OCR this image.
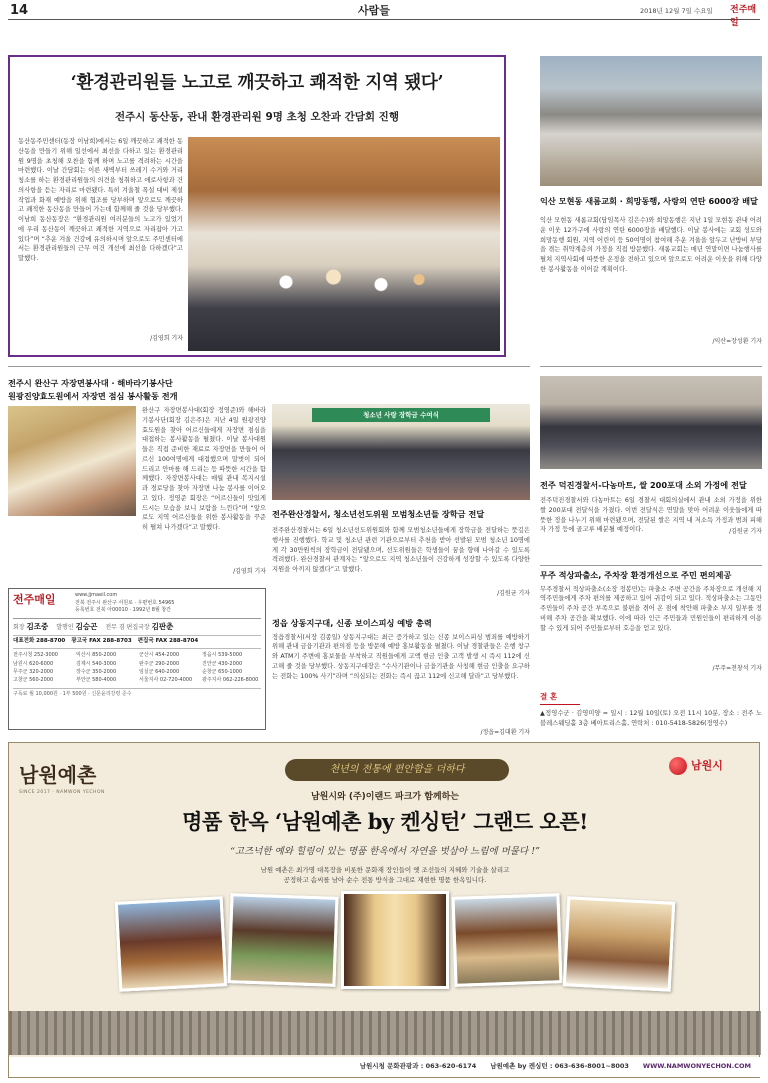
14	사람들	2018년 12월 7일 수요일 전주매일
‘환경관리원들 노고로 깨끗하고 쾌적한 지역 됐다’
전주시 동산동, 관내 환경관리원 9명 초청 오찬과 간담회 진행
동산동주민센터(동장 이남희)에서는 6일 깨끗하고 쾌적한 동산동을 만들기 위해 일선에서 최선을 다하고 있는 환경관리원 9명을 초청해 오찬을 함께 하며 노고를 격려하는 시간을 마련했다. 이날 간담회는 이른 새벽부터 쓰레기 수거와 거리 청소를 하는 환경관리원들의 의견을 청취하고 애로사항과 건의사항을 듣는 자리로 마련됐다. 특히 겨울철 폭설 대비 제설작업과 화재 예방을 위해 협조를 당부하며 앞으로도 깨끗하고 쾌적한 동산동을 만들어 가는데 함께해 줄 것을 당부했다. 이남희 동산동장은 “환경관리원 여러분들의 노고가 있었기에 우리 동산동이 깨끗하고 쾌적한 지역으로 자리잡아 가고 있다”며 “추운 겨울 건강에 유의하시며 앞으로도 주민센터에서는 환경관리원들의 근무 여건 개선에 최선을 다하겠다”고 말했다.
/김영희 기자
익산 모현동 새롬교회 · 희망동행, 사랑의 연탄 6000장 배달
익산 모현동 새롬교회(담임목사 김은수)와 희망동행은 지난 1일 모현동 관내 어려운 이웃 12가구에 사랑의 연탄 6000장을 배달했다. 이날 봉사에는 교회 성도와 희망동행 회원, 지역 어린이 등 50여명이 참여해 추운 겨울을 앞두고 난방비 부담을 겪는 취약계층의 가정을 직접 방문했다. 새롬교회는 매년 연말이면 나눔행사를 펼쳐 지역사회에 따뜻한 온정을 전하고 있으며 앞으로도 어려운 이웃을 위해 다양한 봉사활동을 이어갈 계획이다.
/익산=장성환 기자
전주시 완산구 자장면봉사대 · 해바라기봉사단
원광진양효도원에서 자장면 점심 봉사활동 전개
완산구 자장면봉사대(회장 정영준)와 해바라기봉사단(회장 김은주)은 지난 4일 원광진양효도원을 찾아 어르신들에게 자장면 점심을 대접하는 봉사활동을 펼쳤다. 이날 봉사대원들은 직접 준비한 재료로 자장면을 만들어 어르신 100여명에게 대접했으며 말벗이 되어 드리고 안마를 해 드리는 등 따뜻한 시간을 함께했다. 자장면봉사대는 매월 관내 복지시설과 경로당을 찾아 자장면 나눔 봉사를 이어오고 있다. 정영준 회장은 “어르신들이 맛있게 드시는 모습을 보니 보람을 느낀다”며 “앞으로도 지역 어르신들을 위한 봉사활동을 꾸준히 펼쳐 나가겠다”고 말했다.
/김영희 기자
청소년 사랑 장학금 수여식
전주완산경찰서, 청소년선도위원 모범청소년들 장학금 전달
전주완산경찰서는 6일 청소년선도위원회와 함께 모범청소년들에게 장학금을 전달하는 뜻깊은 행사를 진행했다. 학교 및 청소년 관련 기관으로부터 추천을 받아 선발된 모범 청소년 10명에게 각 30만원씩의 장학금이 전달됐으며, 선도위원들은 학생들이 꿈을 향해 나아갈 수 있도록 격려했다. 완산경찰서 관계자는 “앞으로도 지역 청소년들이 건강하게 성장할 수 있도록 다양한 지원을 아끼지 않겠다”고 말했다.
/김원균 기자
전주 덕진경찰서-다농마트, 쌀 200포대 소외 가정에 전달
전주덕진경찰서와 다농마트는 6일 경찰서 대회의실에서 관내 소외 가정을 위한 쌀 200포대 전달식을 가졌다. 이번 전달식은 연말을 맞아 어려운 이웃들에게 따뜻한 정을 나누기 위해 마련됐으며, 전달된 쌀은 지역 내 저소득 가정과 범죄 피해자 가정 등에 골고루 배분될 예정이다.	/김원균 기자
무주 적상파출소, 주차장 환경개선으로 주민 편의제공
무주경찰서 적상파출소(소장 정봉민)는 파출소 주변 공간을 주차장으로 개선해 지역주민들에게 주차 편의를 제공하고 있어 귀감이 되고 있다. 적상파출소는 그동안 주민들이 주차 공간 부족으로 불편을 겪어 온 점에 착안해 파출소 부지 일부를 정비해 주차 공간을 확보했다. 이에 따라 인근 주민들과 민원인들이 편리하게 이용할 수 있게 되어 주민들로부터 호응을 얻고 있다.
/무주=천창석 기자
결 혼
▲정영수군 · 김영미양 = 일시 : 12월 10일(토) 오전 11시 10분, 장소 : 전주 노블레스웨딩홀 3층 베아트리스홀, 연락처 : 010-5418-5826(정영수)
전주매일	www.jjmaeil.com
전북 전주시 완산구 서원로 · 우편번호 54965
등록번호 전북 아00010 · 1992년 8월 창간
회장 김조중 발행인 김승곤 전무 겸 편집국장 김판춘
대표전화 288-8700 광고국 FAX 288-8703 편집국 FAX 288-8704
전주시청 252-3000	익산시 850-2000	군산시 454-2000	정읍시 539-5000
남원시 620-6000	김제시 540-3000	완주군 290-2000	진안군 430-2000
무주군 320-2000	장수군 350-2000	임실군 640-2000	순창군 650-1000
고창군 560-2000	부안군 580-4000	서울지사 02-720-4000	광주지사 062-226-8000
구독료 월 10,000원 · 1부 500원 · 신문윤리강령 준수
정읍 상동지구대, 신종 보이스피싱 예방 총력
정읍경찰서(서장 김종일) 상동지구대는 최근 증가하고 있는 신종 보이스피싱 범죄를 예방하기 위해 관내 금융기관과 편의점 등을 방문해 예방 홍보활동을 펼쳤다. 이날 경찰관들은 은행 창구와 ATM기 주변에 홍보물을 부착하고 직원들에게 고액 현금 인출 고객 발생 시 즉시 112에 신고해 줄 것을 당부했다. 상동지구대장은 “수사기관이나 금융기관을 사칭해 현금 인출을 요구하는 전화는 100% 사기”라며 “의심되는 전화는 즉시 끊고 112에 신고해 달라”고 당부했다.
/정읍=김대환 기자
남원예촌
SINCE 2017 · NAMWON YECHON
천년의 전통에 편안함을 더하다	남원시
남원시와 (주)이랜드 파크가 함께하는
명품 한옥 ‘남원예촌 by 켄싱턴’ 그랜드 오픈!
“고즈넉한 예와 힐링이 있는 명품 한옥에서 자연을 벗삼아 느림에 머물다 !”
남원 예촌은 최가명 대목장을 비롯한 문화재 장인들이 옛 조선들의 지혜와 기술을 살리고
공정하고 솜씨를 남아 순수 전통 방식을 그대로 재현한 명품 한옥입니다.
남원시청 문화관광과 : 063-620-6174 남원예촌 by 켄싱턴 : 063-636-8001~8003 WWW.NAMWONYECHON.COM
